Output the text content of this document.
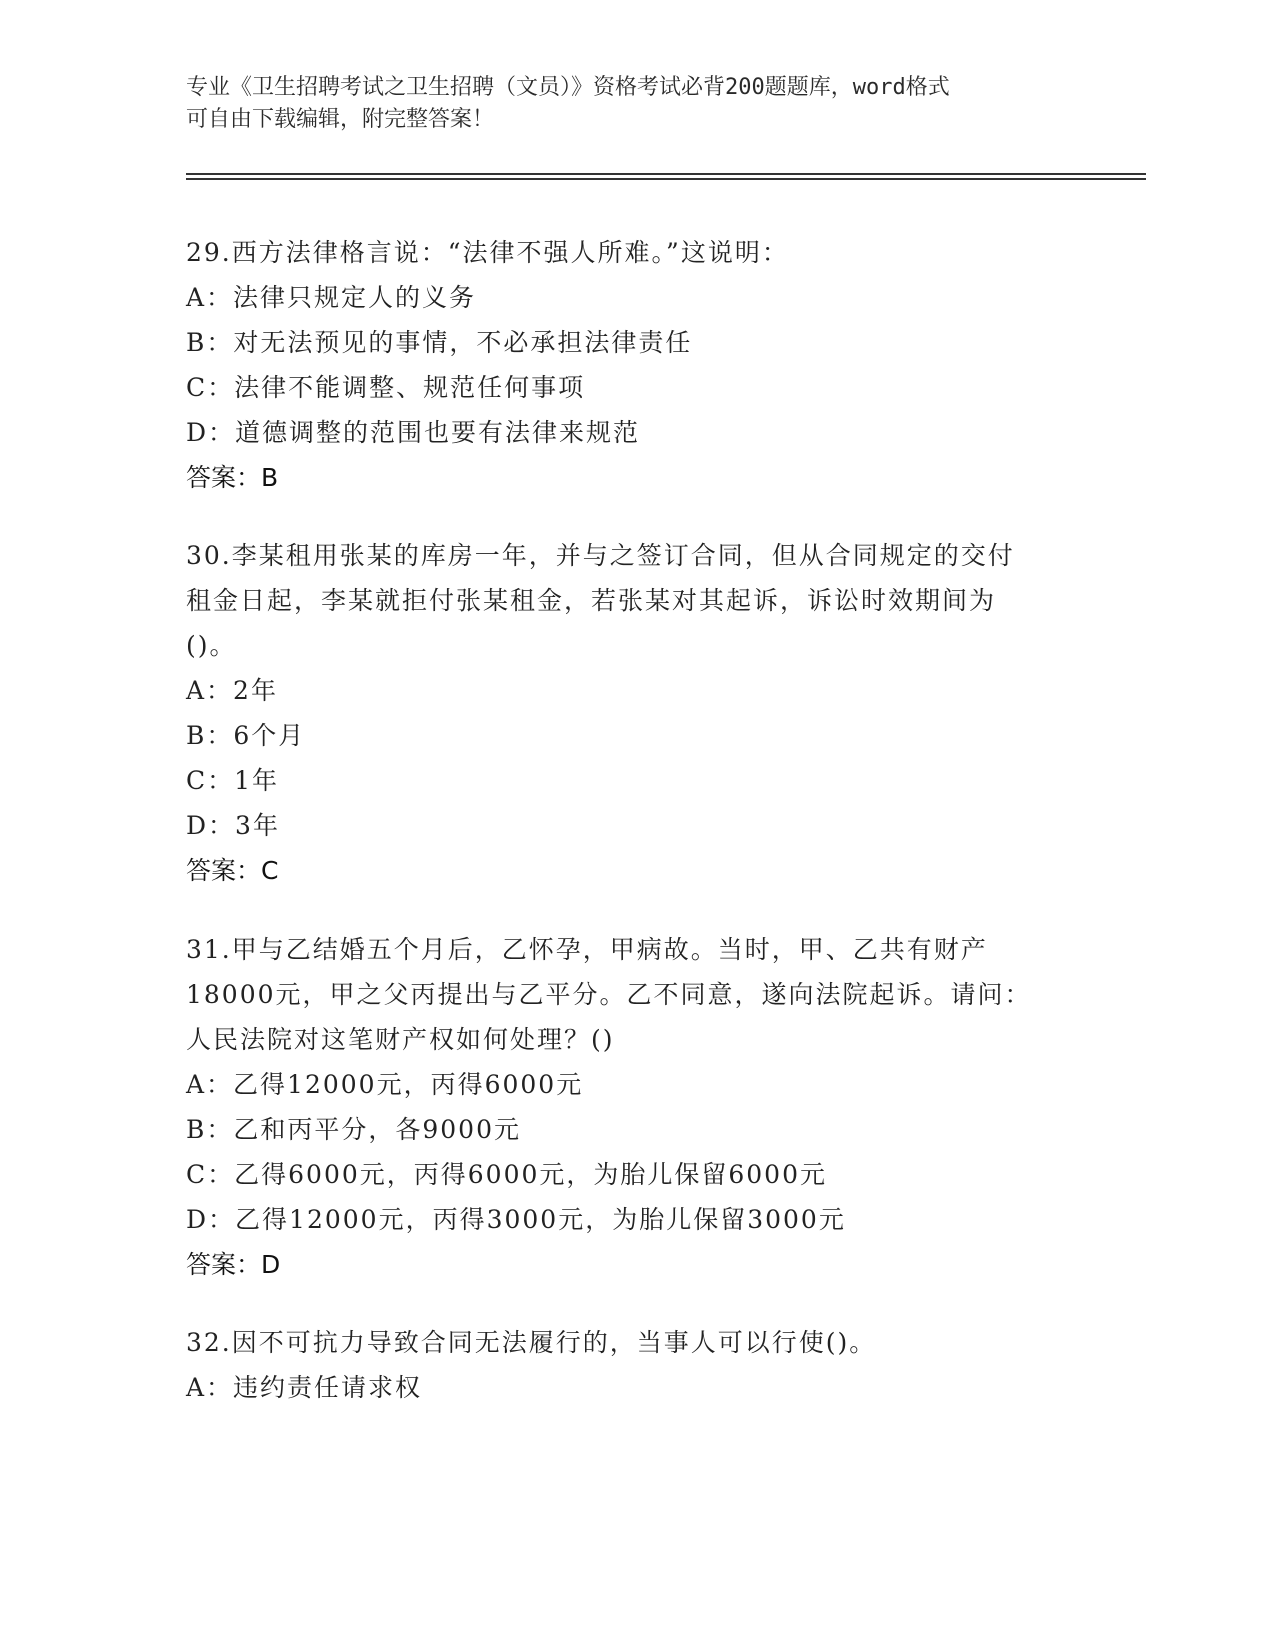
专业《卫生招聘考试之卫生招聘（文员）》资格考试必背200题题库，word格式
可自由下载编辑，附完整答案！

29.西方法律格言说：“法律不强人所难。”这说明：

A：法律只规定人的义务

B：对无法预见的事情，不必承担法律责任

C：法律不能调整、规范任何事项

D：道德调整的范围也要有法律来规范

答案：B

30.李某租用张某的库房一年，并与之签订合同，但从合同规定的交付

租金日起，李某就拒付张某租金，若张某对其起诉，诉讼时效期间为

()。

A：2年

B：6个月

C：1年

D：3年

答案：C

31.甲与乙结婚五个月后，乙怀孕，甲病故。当时，甲、乙共有财产

18000元，甲之父丙提出与乙平分。乙不同意，遂向法院起诉。请问：

人民法院对这笔财产权如何处理？()

A：乙得12000元，丙得6000元

B：乙和丙平分，各9000元

C：乙得6000元，丙得6000元，为胎儿保留6000元

D：乙得12000元，丙得3000元，为胎儿保留3000元

答案：D

32.因不可抗力导致合同无法履行的，当事人可以行使()。

A：违约责任请求权
